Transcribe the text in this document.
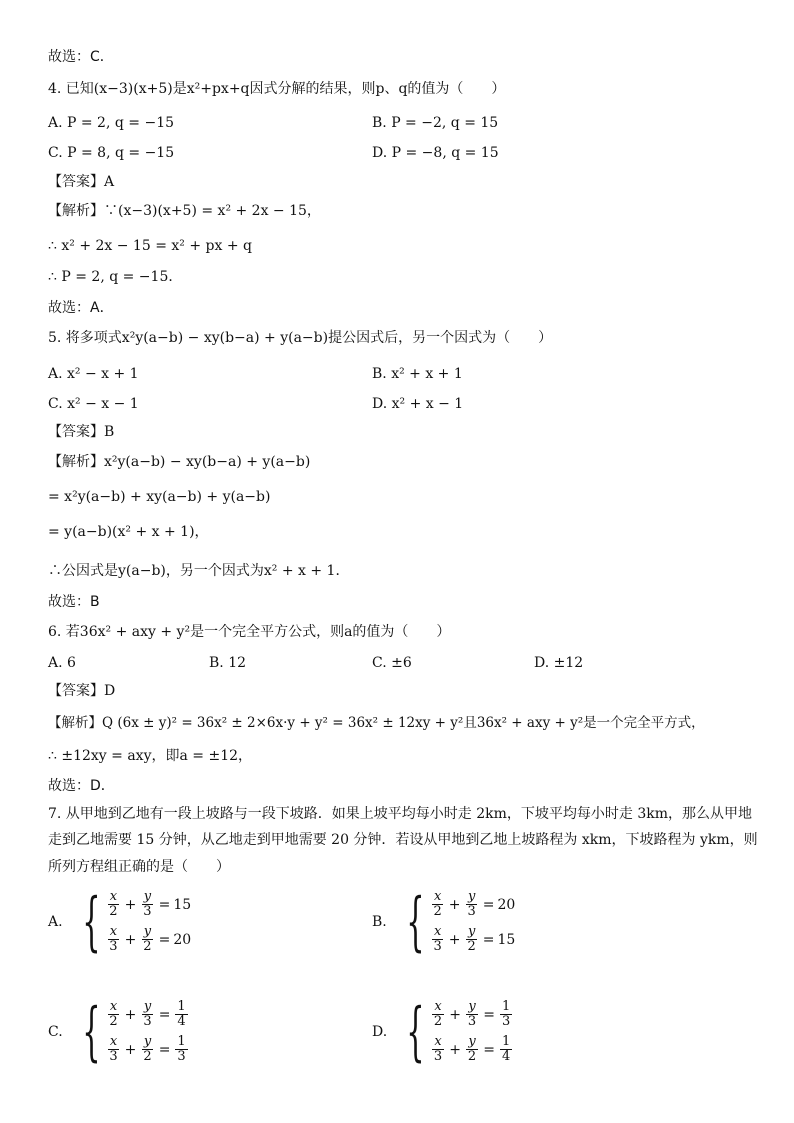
故选：C．
4. 已知(x−3)(x+5)是x²+px+q因式分解的结果，则p、q的值为（　　）
A. P = 2, q = −15	B. P = −2, q = 15
C. P = 8, q = −15	D. P = −8, q = 15
【答案】A
【解析】∵(x−3)(x+5) = x² + 2x − 15，
∴ x² + 2x − 15 = x² + px + q
∴ P = 2, q = −15．
故选：A．
5. 将多项式x²y(a−b) − xy(b−a) + y(a−b)提公因式后，另一个因式为（　　）
A. x² − x + 1	B. x² + x + 1
C. x² − x − 1	D. x² + x − 1
【答案】B
【解析】x²y(a−b) − xy(b−a) + y(a−b)
= x²y(a−b) + xy(a−b) + y(a−b)
= y(a−b)(x² + x + 1)，
∴公因式是y(a−b)，另一个因式为x² + x + 1．
故选：B
6. 若36x² + axy + y²是一个完全平方公式，则a的值为（　　）
A. 6	B. 12	C. ±6	D. ±12
【答案】D
【解析】Q (6x ± y)² = 36x² ± 2×6x·y + y² = 36x² ± 12xy + y²且36x² + axy + y²是一个完全平方式，
∴ ±12xy = axy，即a = ±12，
故选：D．
7. 从甲地到乙地有一段上坡路与一段下坡路．如果上坡平均每小时走 2km，下坡平均每小时走 3km，那么从甲地
走到乙地需要 15 分钟，从乙地走到甲地需要 20 分钟．若设从甲地到乙地上坡路程为 xkm，下坡路程为 ykm，则
所列方程组正确的是（　　）
A. { $\frac{x}{2} + \frac{y}{3} = 15$
$\frac{x}{3} + \frac{y}{2} = 20$
B. { $\frac{x}{2} + \frac{y}{3} = 20$
$\frac{x}{3} + \frac{y}{2} = 15$
C. { $\frac{x}{2} + \frac{y}{3} = \frac{1}{4}$
$\frac{x}{3} + \frac{y}{2} = \frac{1}{3}$
D. { $\frac{x}{2} + \frac{y}{3} = \frac{1}{3}$
$\frac{x}{3} + \frac{y}{2} = \frac{1}{4}$
